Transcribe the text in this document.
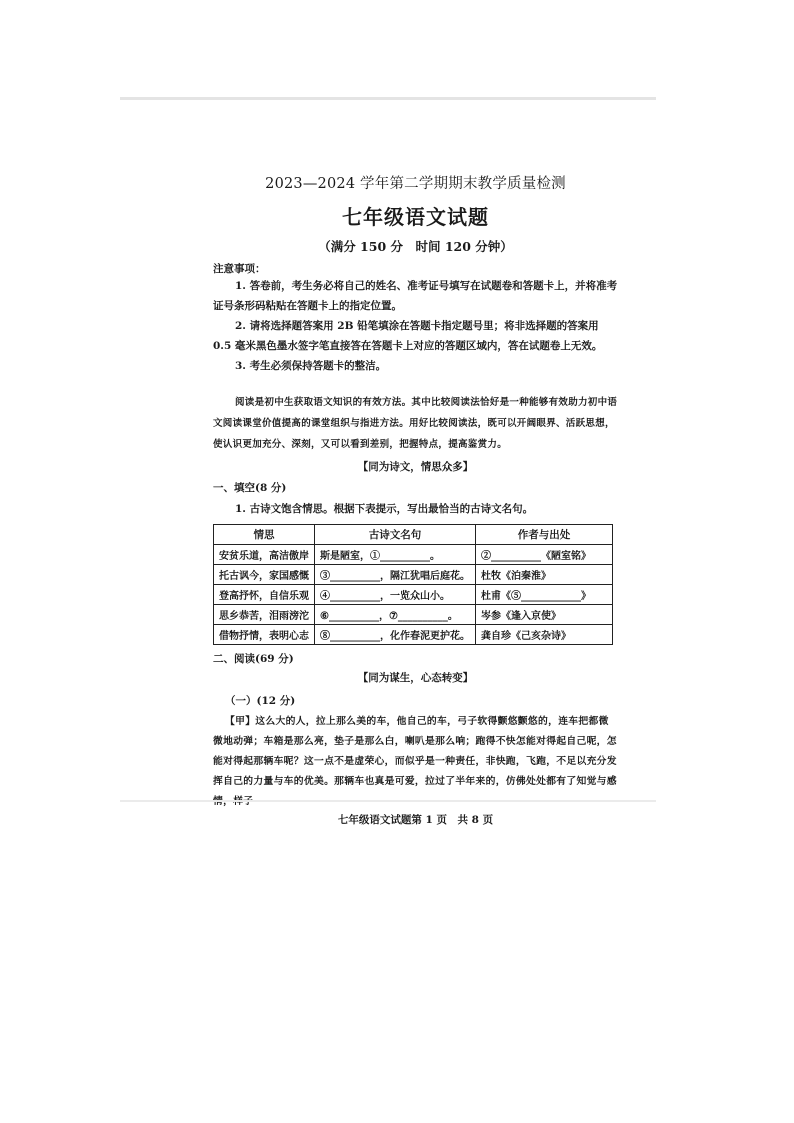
2023—2024 学年第二学期期末教学质量检测
七年级语文试题
（满分 150 分　时间 120 分钟）
注意事项：
1. 答卷前，考生务必将自己的姓名、准考证号填写在试题卷和答题卡上，并将准考证号条形码粘贴在答题卡上的指定位置。
2. 请将选择题答案用 2B 铅笔填涂在答题卡指定题号里；将非选择题的答案用 0.5 毫米黑色墨水签字笔直接答在答题卡上对应的答题区域内，答在试题卷上无效。
3. 考生必须保持答题卡的整洁。
阅读是初中生获取语文知识的有效方法。其中比较阅读法恰好是一种能够有效助力初中语文阅读课堂价值提高的课堂组织与指进方法。用好比较阅读法，既可以开阔眼界、活跃思想，使认识更加充分、深刻，又可以看到差别，把握特点，提高鉴赏力。
【同为诗文，情思众多】
一、填空(8 分)
1. 古诗文饱含情思。根据下表提示，写出最恰当的古诗文名句。
情思	古诗文名句	作者与出处
安贫乐道，高洁傲岸	斯是陋室，①__________。	②__________《陋室铭》
托古讽今，家国感慨	③__________，隔江犹唱后庭花。	杜牧《泊秦淮》
登高抒怀，自信乐观	④__________，一览众山小。	杜甫《⑤____________》
思乡恭苦，泪雨滂沱	⑥__________，⑦__________。	岑参《逢入京使》
借物抒情，表明心志	⑧__________，化作春泥更护花。	龚自珍《己亥杂诗》
二、阅读(69 分)
【同为谋生，心态转变】
（一）(12 分)
【甲】这么大的人，拉上那么美的车，他自己的车，弓子软得颤悠颤悠的，连车把都微微地动弹；车箱是那么亮，垫子是那么白，喇叭是那么响；跑得不快怎能对得起自己呢，怎能对得起那辆车呢？这一点不是虚荣心，而似乎是一种责任，非快跑，飞跑，不足以充分发挥自己的力量与车的优美。那辆车也真是可爱，拉过了半年来的，仿佛处处都有了知觉与感
七年级语文试题第 1 页　共 8 页
